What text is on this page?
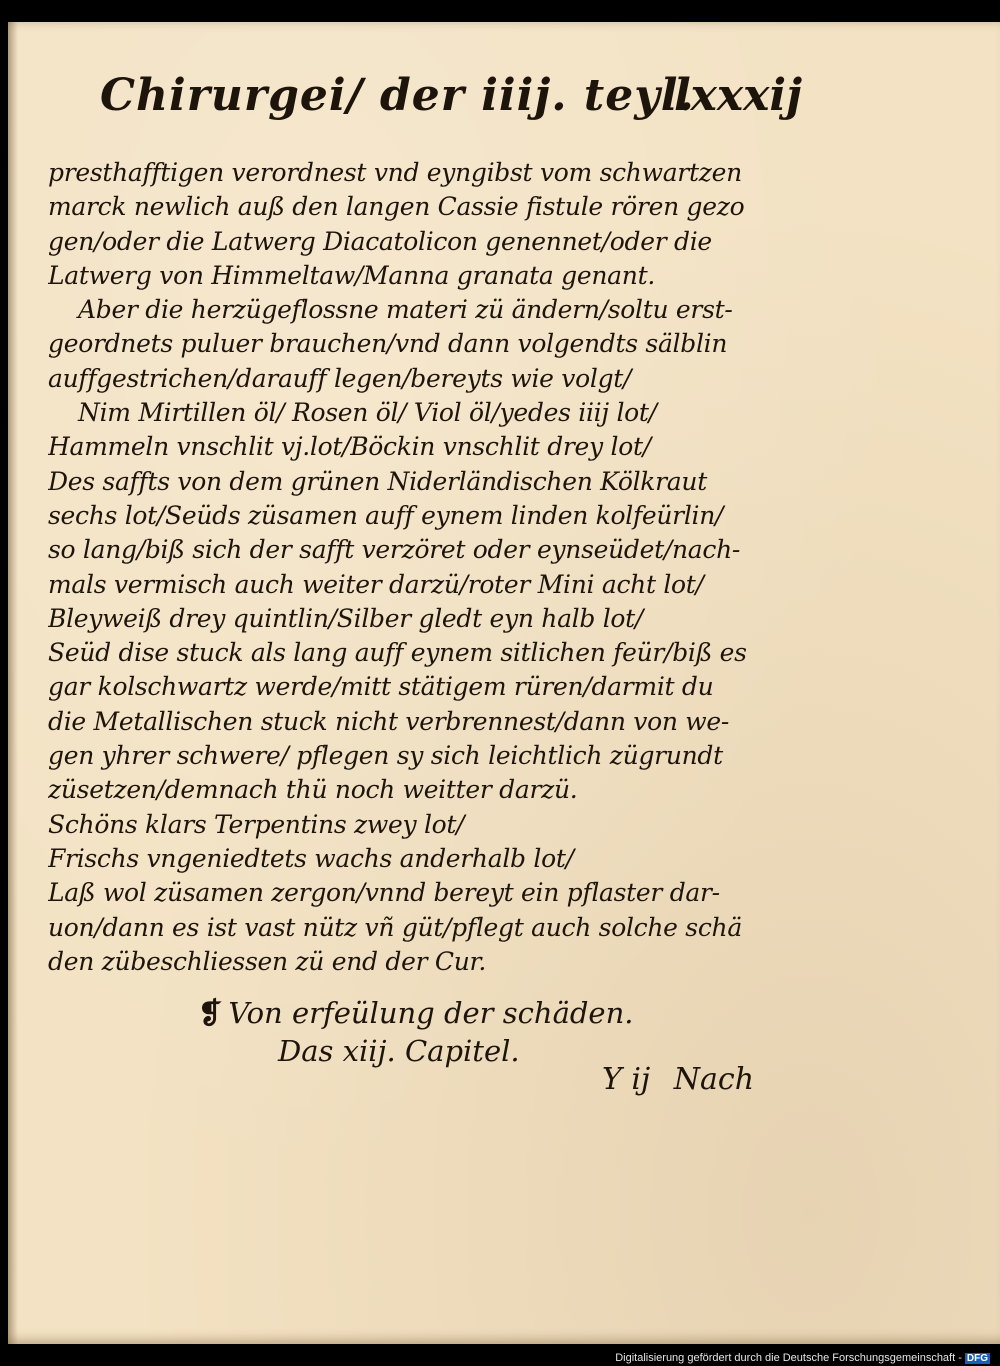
Chirurgei/ der iiij. teyl.
lxxxij
presthafftigen verordnest vnd eyngibst vom schwartzen
marck newlich auß den langen Cassie fistule rören gezo
gen/oder die Latwerg Diacatolicon genennet/oder die
Latwerg von Himmeltaw/Manna granata genant.
Aber die herzügeflossne materi zü ändern/soltu erst-
geordnets puluer brauchen/vnd dann volgendts sälblin
auffgestrichen/darauff legen/bereyts wie volgt/
Nim Mirtillen öl/ Rosen öl/ Viol öl/yedes iiij lot/
Hammeln vnschlit vj.lot/Böckin vnschlit drey lot/
Des saffts von dem grünen Niderländischen Kölkraut
sechs lot/Seüds züsamen auff eynem linden kolfeürlin/
so lang/biß sich der safft verzöret oder eynseüdet/nach-
mals vermisch auch weiter darzü/roter Mini acht lot/
Bleyweiß drey quintlin/Silber gledt eyn halb lot/
Seüd dise stuck als lang auff eynem sitlichen feür/biß es
gar kolschwartz werde/mitt stätigem rüren/darmit du
die Metallischen stuck nicht verbrennest/dann von we-
gen yhrer schwere/ pflegen sy sich leichtlich zügrundt
züsetzen/demnach thü noch weitter darzü.
Schöns klars Terpentins zwey lot/
Frischs vngeniedtets wachs anderhalb lot/
Laß wol züsamen zergon/vnnd bereyt ein pflaster dar-
uon/dann es ist vast nütz vñ güt/pflegt auch solche schä
den zübeschliessen zü end der Cur.
❡ Von erfeülung der schäden.
Das xiij. Capitel.
Y ij Nach
Digitalisierung gefördert durch die Deutsche Forschungsgemeinschaft - DFG
